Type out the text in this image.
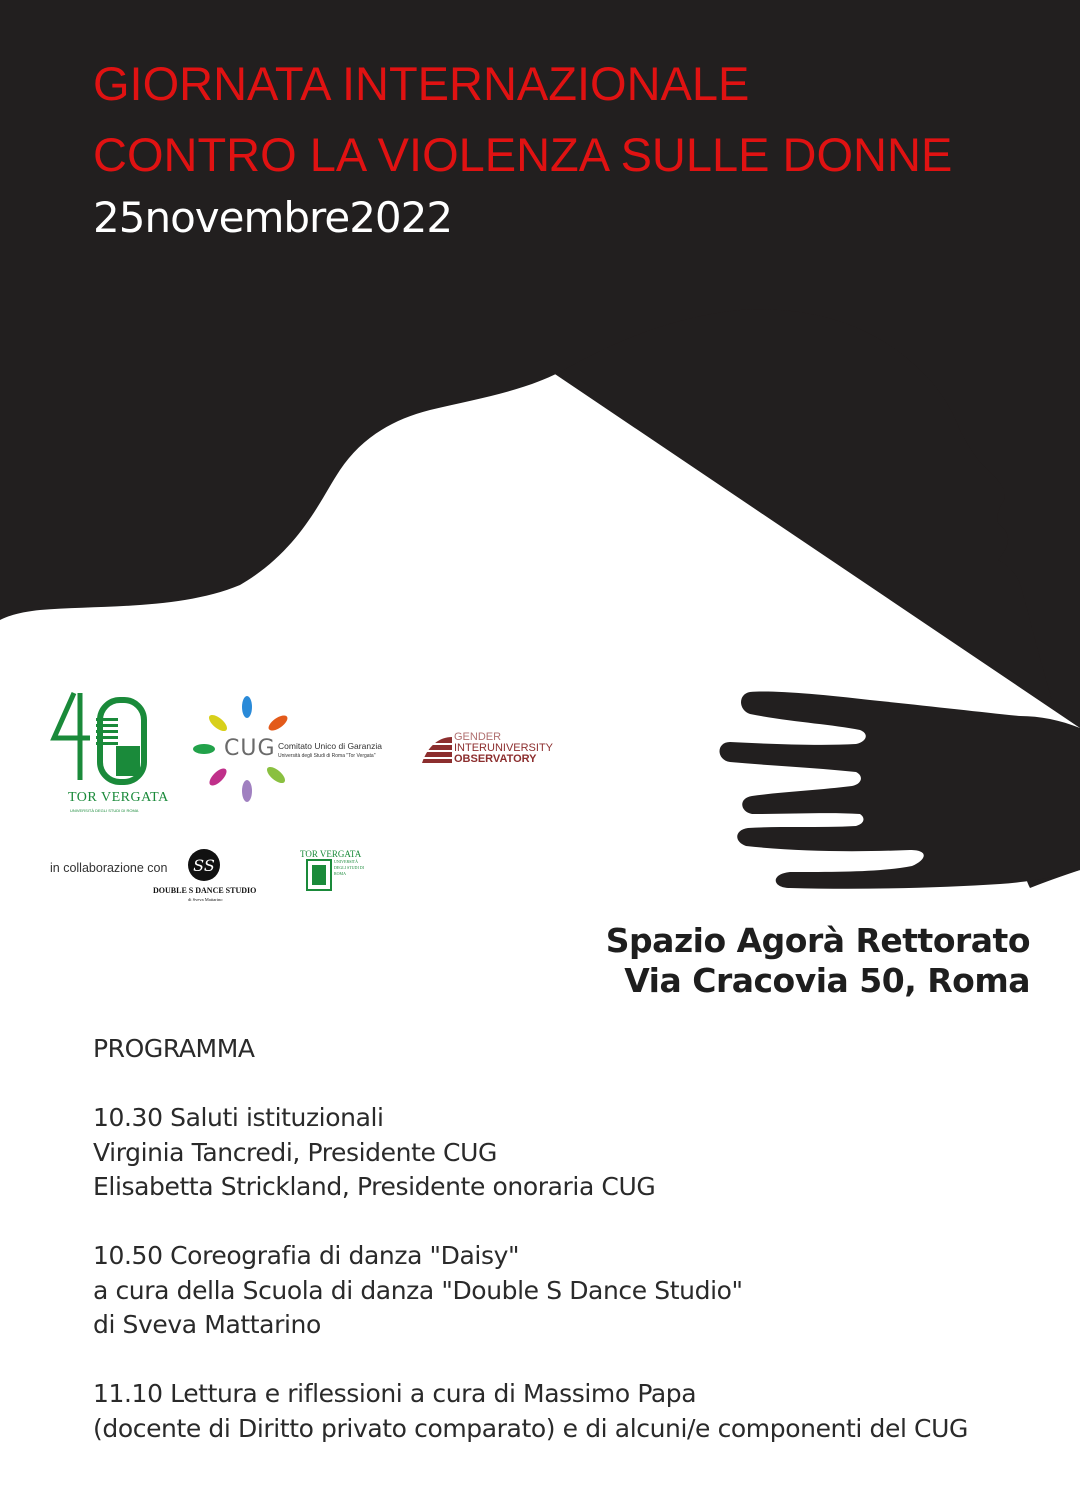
GIORNATA INTERNAZIONALE
CONTRO LA VIOLENZA SULLE DONNE
25novembre2022
TOR VERGATA
UNIVERSITÀ DEGLI STUDI DI ROMA
CUG Comitato Unico di Garanzia
Università degli Studi di Roma "Tor Vergata"
GENDER
INTERUNIVERSITY
OBSERVATORY
in collaborazione con SS
DOUBLE S DANCE STUDIO
di Sveva Mattarino
TOR VERGATA
UNIVERSITÀ DEGLI STUDI DI ROMA
Spazio Agorà Rettorato
Via Cracovia 50, Roma
PROGRAMMA
10.30 Saluti istituzionali
Virginia Tancredi, Presidente CUG
Elisabetta Strickland, Presidente onoraria CUG
10.50 Coreografia di danza "Daisy"
a cura della Scuola di danza "Double S Dance Studio"
di Sveva Mattarino
11.10 Lettura e riflessioni a cura di Massimo Papa
(docente di Diritto privato comparato) e di alcuni/e componenti del CUG
